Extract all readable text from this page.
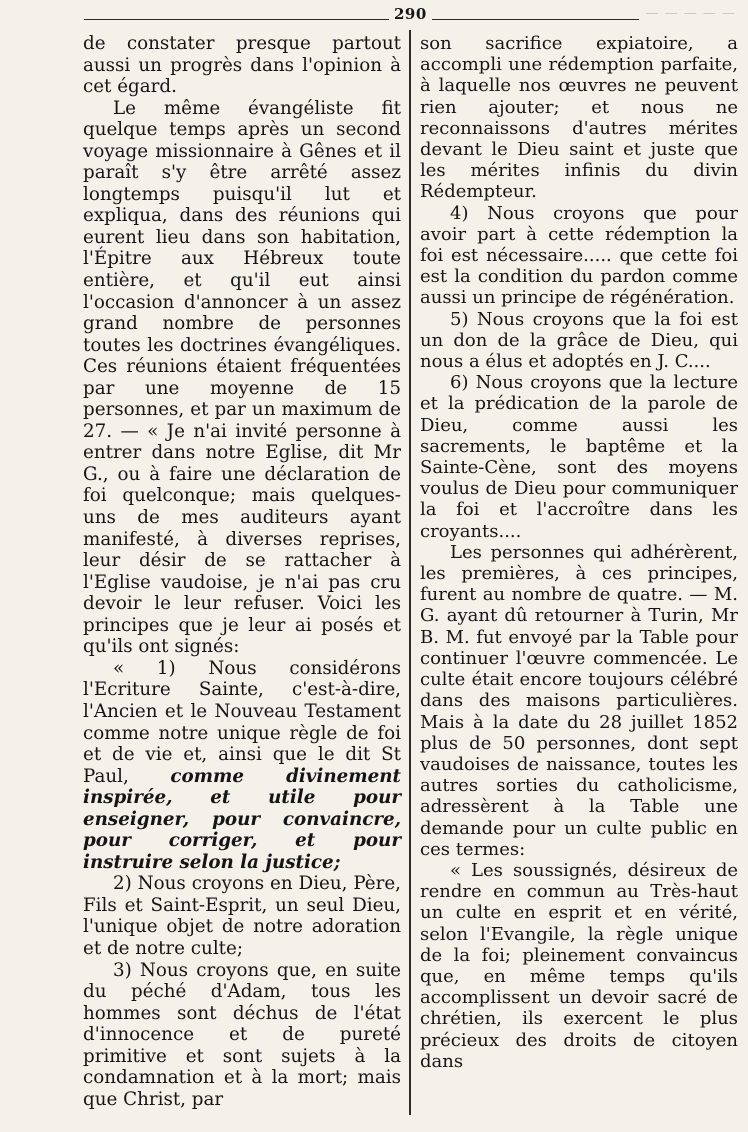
290	— — — — —

de constater presque partout aussi un progrès dans l'opinion à cet égard.

Le même évangéliste fit quelque temps après un second voyage missionnaire à Gênes et il paraît s'y être arrêté assez longtemps puisqu'il lut et expliqua, dans des réunions qui eurent lieu dans son habitation, l'Épitre aux Hébreux toute entière, et qu'il eut ainsi l'occasion d'annoncer à un assez grand nombre de personnes toutes les doctrines évangéliques. Ces réunions étaient fréquentées par une moyenne de 15 personnes, et par un maximum de 27. — « Je n'ai invité personne à entrer dans notre Eglise, dit Mr G., ou à faire une déclaration de foi quelconque; mais quelques-uns de mes auditeurs ayant manifesté, à diverses reprises, leur désir de se rattacher à l'Eglise vaudoise, je n'ai pas cru devoir le leur refuser. Voici les principes que je leur ai posés et qu'ils ont signés:

« 1) Nous considérons l'Ecriture Sainte, c'est-à-dire, l'Ancien et le Nouveau Testament comme notre unique règle de foi et de vie et, ainsi que le dit St Paul, comme divinement inspirée, et utile pour enseigner, pour convaincre, pour corriger, et pour instruire selon la justice;

2) Nous croyons en Dieu, Père, Fils et Saint-Esprit, un seul Dieu, l'unique objet de notre adoration et de notre culte;

3) Nous croyons que, en suite du péché d'Adam, tous les hommes sont déchus de l'état d'innocence et de pureté primitive et sont sujets à la condamnation et à la mort; mais que Christ, par

son sacrifice expiatoire, a accompli une rédemption parfaite, à laquelle nos œuvres ne peuvent rien ajouter; et nous ne reconnaissons d'autres mérites devant le Dieu saint et juste que les mérites infinis du divin Rédempteur.

4) Nous croyons que pour avoir part à cette rédemption la foi est nécessaire..... que cette foi est la condition du pardon comme aussi un principe de régénération.

5) Nous croyons que la foi est un don de la grâce de Dieu, qui nous a élus et adoptés en J. C....

6) Nous croyons que la lecture et la prédication de la parole de Dieu, comme aussi les sacrements, le baptême et la Sainte-Cène, sont des moyens voulus de Dieu pour communiquer la foi et l'accroître dans les croyants....

Les personnes qui adhérèrent, les premières, à ces principes, furent au nombre de quatre. — M. G. ayant dû retourner à Turin, Mr B. M. fut envoyé par la Table pour continuer l'œuvre commencée. Le culte était encore toujours célébré dans des maisons particulières. Mais à la date du 28 juillet 1852 plus de 50 personnes, dont sept vaudoises de naissance, toutes les autres sorties du catholicisme, adressèrent à la Table une demande pour un culte public en ces termes:

« Les soussignés, désireux de rendre en commun au Très-haut un culte en esprit et en vérité, selon l'Evangile, la règle unique de la foi; pleinement convaincus que, en même temps qu'ils accomplissent un devoir sacré de chrétien, ils exercent le plus précieux des droits de citoyen dans
